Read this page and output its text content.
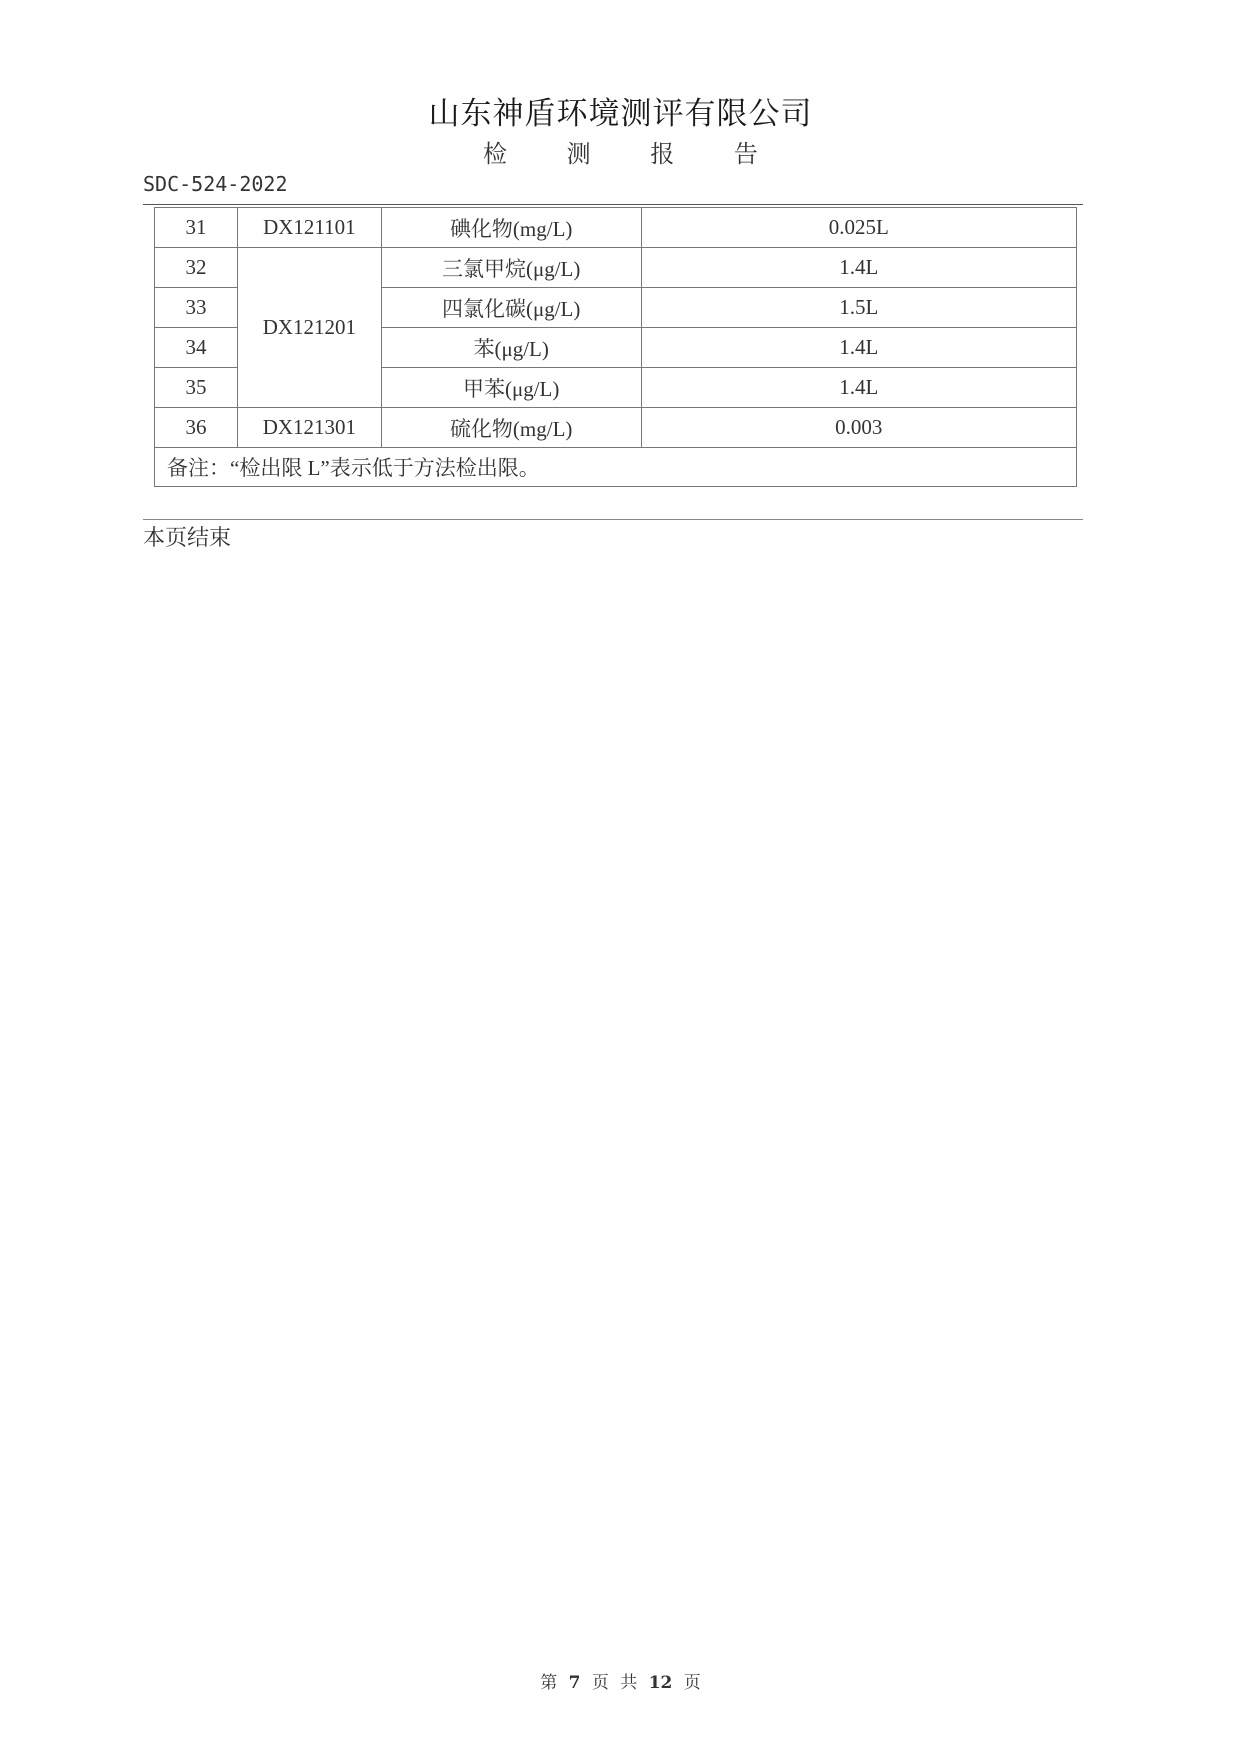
山东神盾环境测评有限公司
检 测 报 告
SDC-524-2022
31	DX121101	碘化物(mg/L)	0.025L
32	DX121201	三氯甲烷(μg/L)	1.4L
33		四氯化碳(μg/L)	1.5L
34		苯(μg/L)	1.4L
35		甲苯(μg/L)	1.4L
36	DX121301	硫化物(mg/L)	0.003
备注：“检出限 L”表示低于方法检出限。			
本页结束
第 7 页 共 12 页
